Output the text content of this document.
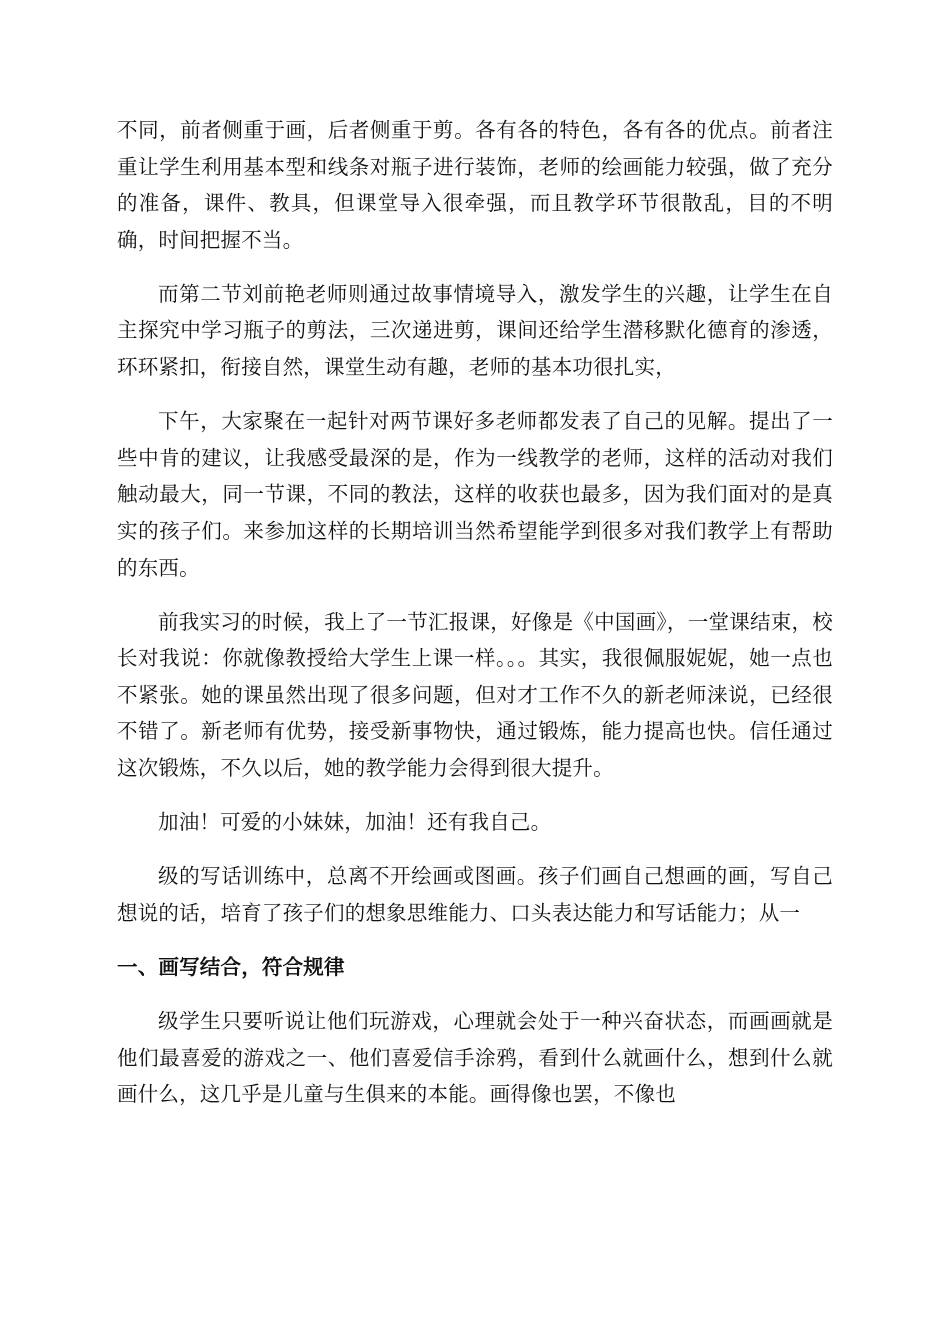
不同，前者侧重于画，后者侧重于剪。各有各的特色，各有各的优点。前者注重让学生利用基本型和线条对瓶子进行装饰，老师的绘画能力较强，做了充分的准备，课件、教具，但课堂导入很牵强，而且教学环节很散乱，目的不明确，时间把握不当。

而第二节刘前艳老师则通过故事情境导入，激发学生的兴趣，让学生在自主探究中学习瓶子的剪法，三次递进剪，课间还给学生潜移默化德育的渗透，环环紧扣，衔接自然，课堂生动有趣，老师的基本功很扎实，

下午，大家聚在一起针对两节课好多老师都发表了自己的见解。提出了一些中肯的建议，让我感受最深的是，作为一线教学的老师，这样的活动对我们触动最大，同一节课，不同的教法，这样的收获也最多，因为我们面对的是真实的孩子们。来参加这样的长期培训当然希望能学到很多对我们教学上有帮助的东西。

前我实习的时候，我上了一节汇报课，好像是《中国画》，一堂课结束，校长对我说：你就像教授给大学生上课一样。。。其实，我很佩服妮妮，她一点也不紧张。她的课虽然出现了很多问题，但对才工作不久的新老师涞说，已经很不错了。新老师有优势，接受新事物快，通过锻炼，能力提高也快。信任通过这次锻炼，不久以后，她的教学能力会得到很大提升。

加油！可爱的小妹妹，加油！还有我自己。

级的写话训练中，总离不开绘画或图画。孩子们画自己想画的画，写自己想说的话，培育了孩子们的想象思维能力、口头表达能力和写话能力；从一

一、画写结合，符合规律

级学生只要听说让他们玩游戏，心理就会处于一种兴奋状态，而画画就是他们最喜爱的游戏之一、他们喜爱信手涂鸦，看到什么就画什么，想到什么就画什么，这几乎是儿童与生俱来的本能。画得像也罢，不像也
